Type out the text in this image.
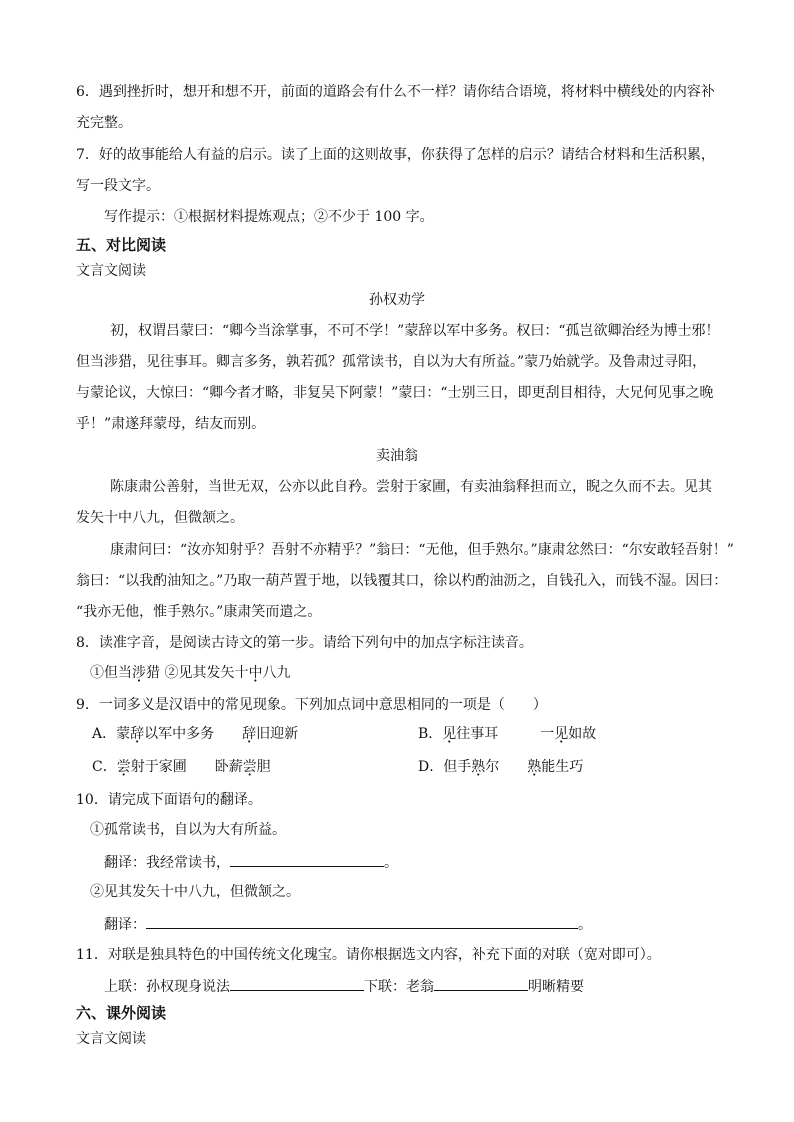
6．遇到挫折时，想开和想不开，前面的道路会有什么不一样？请你结合语境，将材料中横线处的内容补
充完整。
7．好的故事能给人有益的启示。读了上面的这则故事，你获得了怎样的启示？请结合材料和生活积累，
写一段文字。
写作提示：①根据材料提炼观点；②不少于 100 字。
五、对比阅读
文言文阅读
孙权劝学
初，权谓吕蒙曰：“卿今当涂掌事，不可不学！”蒙辞以军中多务。权曰：“孤岂欲卿治经为博士邪！
但当涉猎，见往事耳。卿言多务，孰若孤？孤常读书，自以为大有所益。”蒙乃始就学。及鲁肃过寻阳，
与蒙论议，大惊曰：“卿今者才略，非复吴下阿蒙！”蒙曰：“士别三日，即更刮目相待，大兄何见事之晚
乎！”肃遂拜蒙母，结友而别。
卖油翁
陈康肃公善射，当世无双，公亦以此自矜。尝射于家圃，有卖油翁释担而立，睨之久而不去。见其
发矢十中八九，但微颔之。
康肃问曰：“汝亦知射乎？吾射不亦精乎？”翁曰：“无他，但手熟尔。”康肃忿然曰：“尔安敢轻吾射！”
翁曰：“以我酌油知之。”乃取一葫芦置于地，以钱覆其口，徐以杓酌油沥之，自钱孔入，而钱不湿。因曰：
“我亦无他，惟手熟尔。”康肃笑而遣之。
8．读准字音，是阅读古诗文的第一步。请给下列句中的加点字标注读音。
①但当涉猎 ②见其发矢十中八九
9．一词多义是汉语中的常见现象。下列加点词中意思相同的一项是（　　）
A．蒙辞以军中多务　　辞旧迎新	B．见往事耳　　　一见如故
C．尝射于家圃　　卧薪尝胆	D．但手熟尔　　熟能生巧
10．请完成下面语句的翻译。
①孤常读书，自以为大有所益。
翻译：我经常读书，	。
②见其发矢十中八九，但微颔之。
翻译：	。
11．对联是独具特色的中国传统文化瑰宝。请你根据选文内容，补充下面的对联（宽对即可）。
上联：孙权现身说法	下联：老翁	明晰精要
六、课外阅读
文言文阅读
